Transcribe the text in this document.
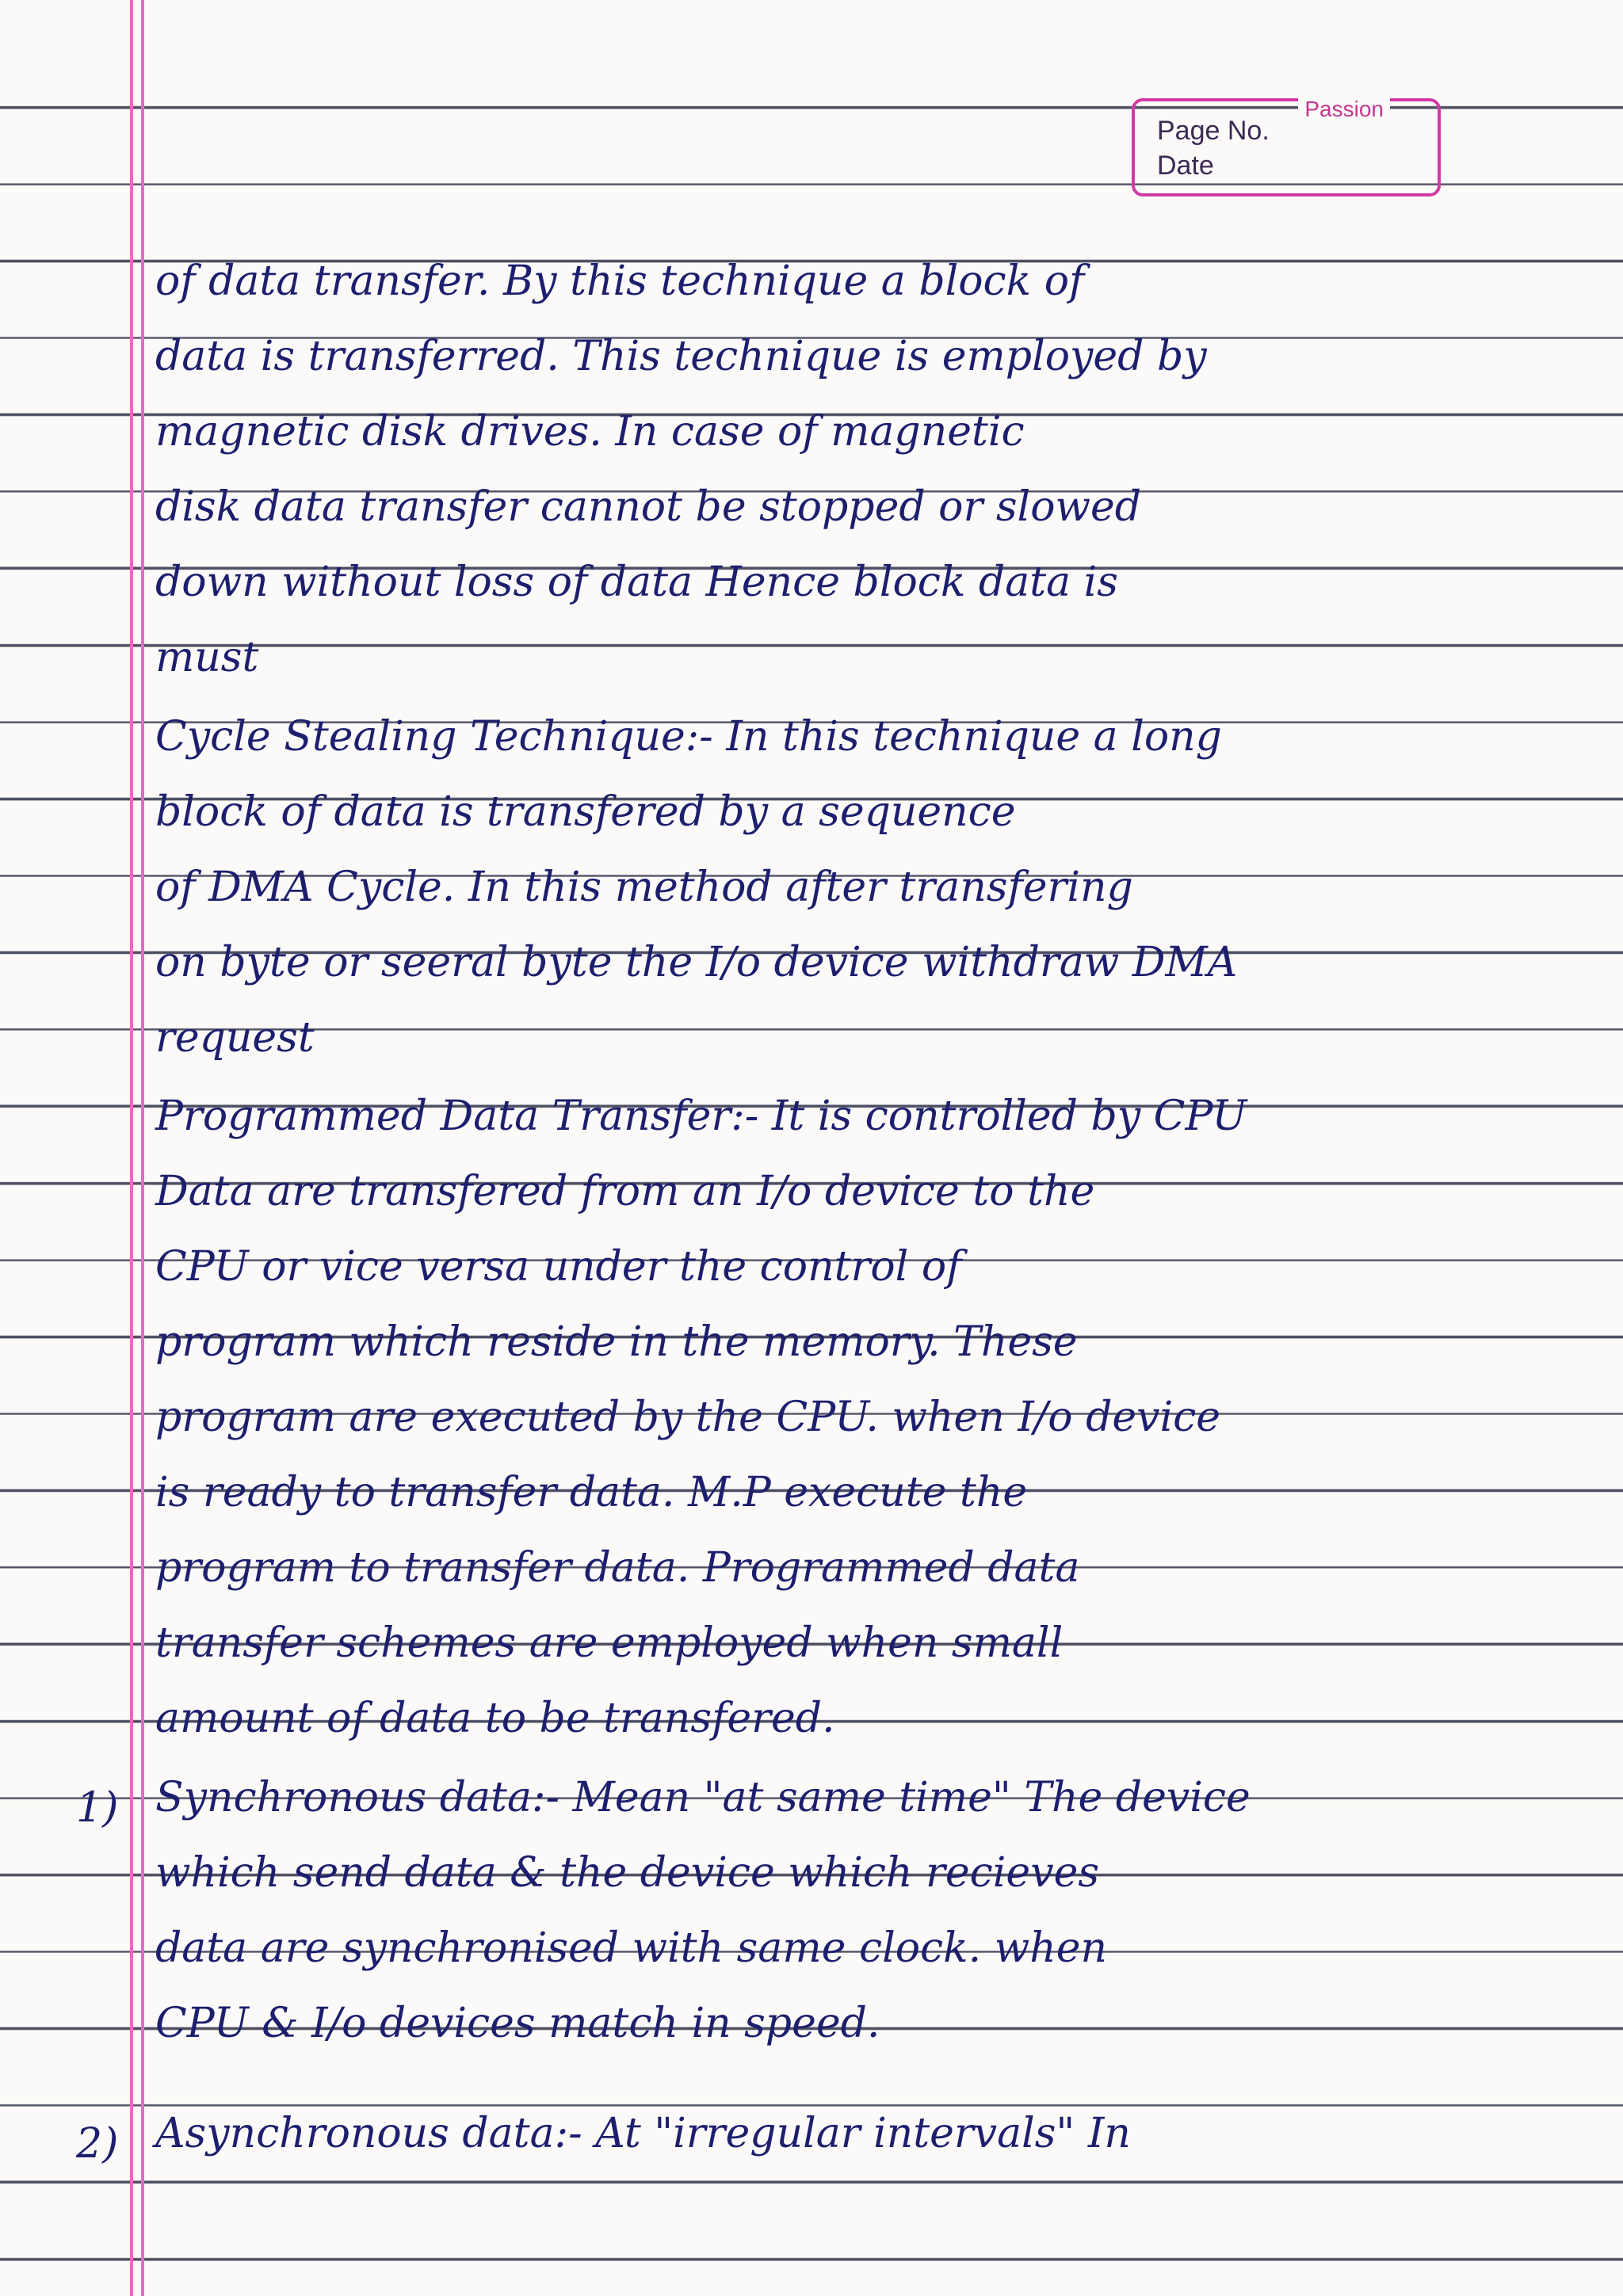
Passion
Page No.
Date
of data transfer. By this technique a block of
data is transferred. This technique is employed by
magnetic disk drives. In case of magnetic
disk data transfer cannot be stopped or slowed
down without loss of data Hence block data is
must
Cycle Stealing Technique:- In this technique a long
block of data is transfered by a sequence
of DMA Cycle. In this method after transfering
on byte or seeral byte the I/o device withdraw DMA
request
Programmed Data Transfer:- It is controlled by CPU
Data are transfered from an I/o device to the
CPU or vice versa under the control of
program which reside in the memory. These
program are executed by the CPU. when I/o device
is ready to transfer data. M.P execute the
program to transfer data. Programmed data
transfer schemes are employed when small
amount of data to be transfered.
1) Synchronous data:- Mean "at same time" The device
which send data & the device which recieves
data are synchronised with same clock. when
CPU & I/o devices match in speed.
2) Asynchronous data:- At "irregular intervals" In
